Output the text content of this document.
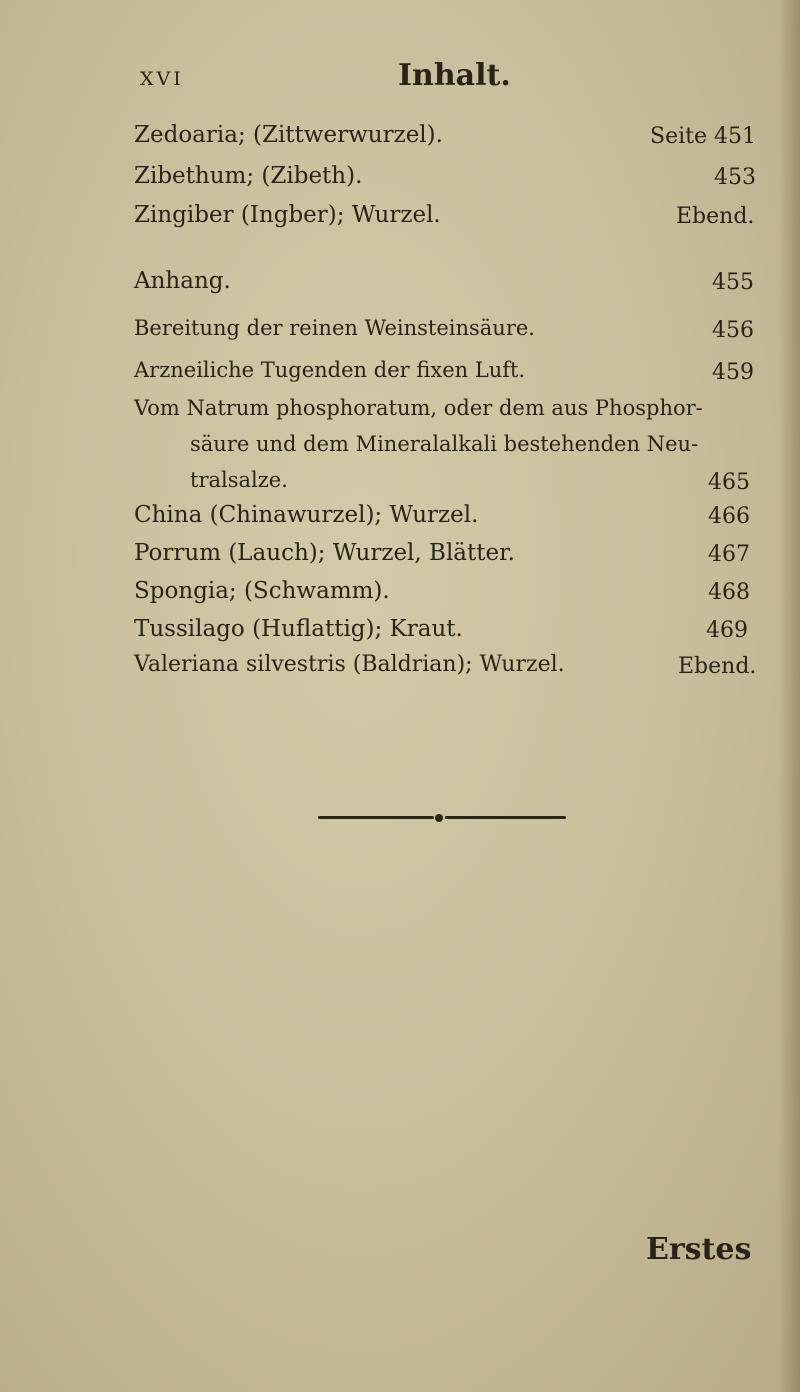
XVI	Inhalt.
Zedoaria; (Zittwerwurzel).	Seite 451
Zibethum; (Zibeth).	453
Zingiber (Ingber); Wurzel.	Ebend.
Anhang.	455
Bereitung der reinen Weinsteinsäure.	456
Arzneiliche Tugenden der fixen Luft.	459
Vom Natrum phosphoratum, oder dem aus Phosphor-
säure und dem Mineralalkali bestehenden Neu-
tralsalze.	465
China (Chinawurzel); Wurzel.	466
Porrum (Lauch); Wurzel, Blätter.	467
Spongia; (Schwamm).	468
Tussilago (Huflattig); Kraut.	469
Valeriana silvestris (Baldrian); Wurzel.	Ebend.
Erstes
